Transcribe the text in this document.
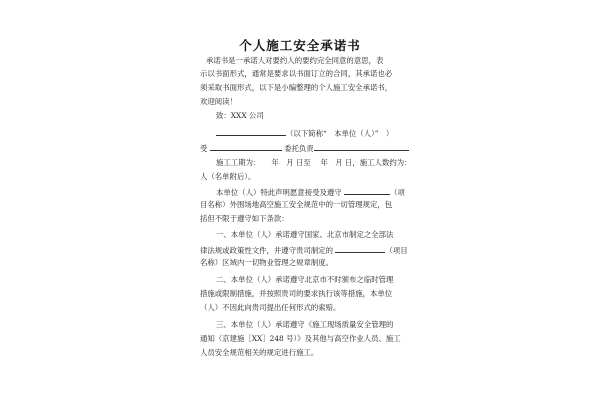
个人施工安全承诺书
承诺书是一承诺人对要约人的要约完全同意的意思，表
示以书面形式，通常是要求以书面订立的合同，其承诺也必
须采取书面形式，以下是小编整理的个人施工安全承诺书，
欢迎阅读！
致：XXX 公司
（以下简称“　本单位（人）”　）
受	委托负责
施工工期为：　　年　月 日至　 年　月 日，施工人数约为：
人（名单附后）。
本单位（人）特此声明愿意接受及遵守	（项
目名称）外围场地高空施工安全规范中的一切管理规定，包
括但不限于遵守如下条款：
一、本单位（人）承诺遵守国家、北京市制定之全部法
律法规或政策性文件，并遵守贵司制定的	（项目
名称）区域内一切物业管理之规章制度。
二、本单位（人）承诺遵守北京市不时颁布之临时管理
措施或限制措施，并按照贵司的要求执行该等措施，本单位
（人）不因此向贵司提出任何形式的索赔。
三、本单位（人）承诺遵守《施工现场质量安全管理的
通知（京建施［XX］248 号）》及其他与高空作业人员、施工
人员安全规范相关的规定进行施工。
